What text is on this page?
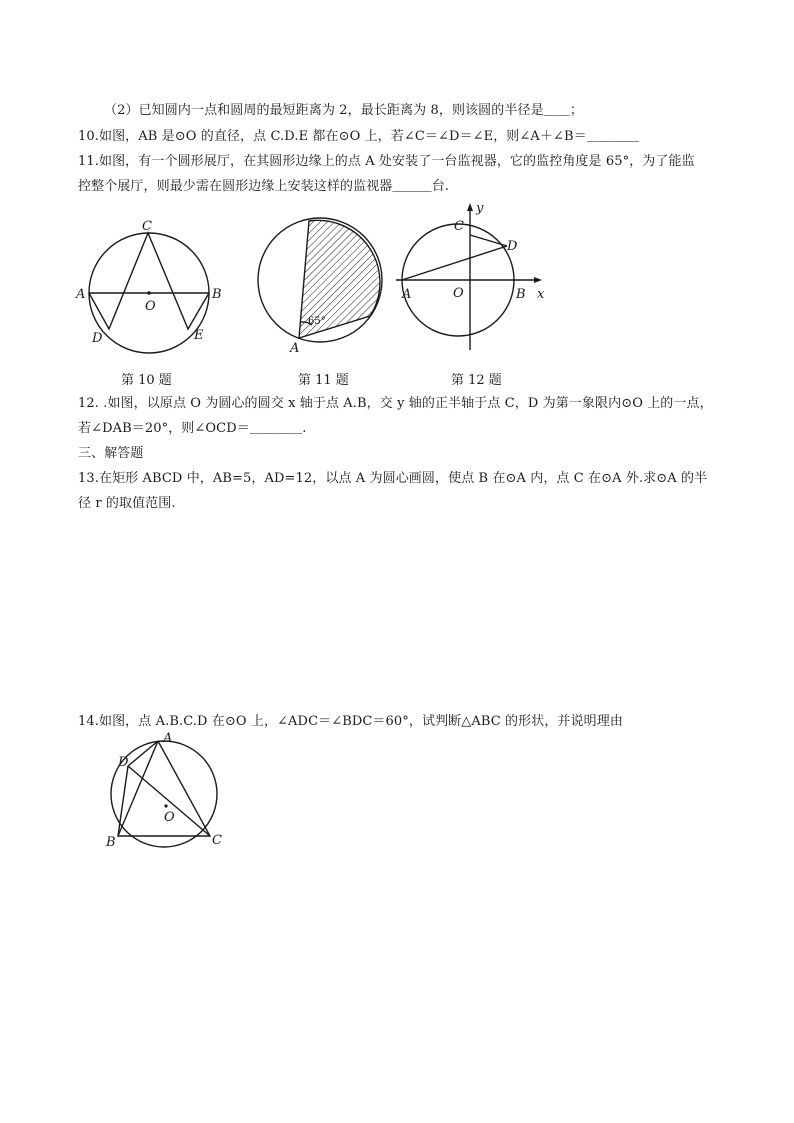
（2）已知圆内一点和圆周的最短距离为 2，最长距离为 8，则该圆的半径是＿＿；
10.如图，AB 是⊙O 的直径，点 C.D.E 都在⊙O 上，若∠C＝∠D＝∠E，则∠A＋∠B＝＿＿＿＿
11.如图，有一个圆形展厅，在其圆形边缘上的点 A 处安装了一台监视器，它的监控角度是 65°，为了能监
控整个展厅，则最少需在圆形边缘上安装这样的监视器＿＿＿台.
C
A	B
D	E
O
65°
A
y
x
C
D
A	O	B
第 10 题	第 11 题	第 12 题
12. .如图，以原点 O 为圆心的圆交 x 轴于点 A.B，交 y 轴的正半轴于点 C，D 为第一象限内⊙O 上的一点，
若∠DAB＝20°，则∠OCD＝＿＿＿＿.
三、解答题
13.在矩形 ABCD 中，AB=5，AD=12，以点 A 为圆心画圆，使点 B 在⊙A 内，点 C 在⊙A 外.求⊙A 的半
径 r 的取值范围.
14.如图，点 A.B.C.D 在⊙O 上，∠ADC＝∠BDC＝60°，试判断△ABC 的形状，并说明理由
A
D
B	C
O
